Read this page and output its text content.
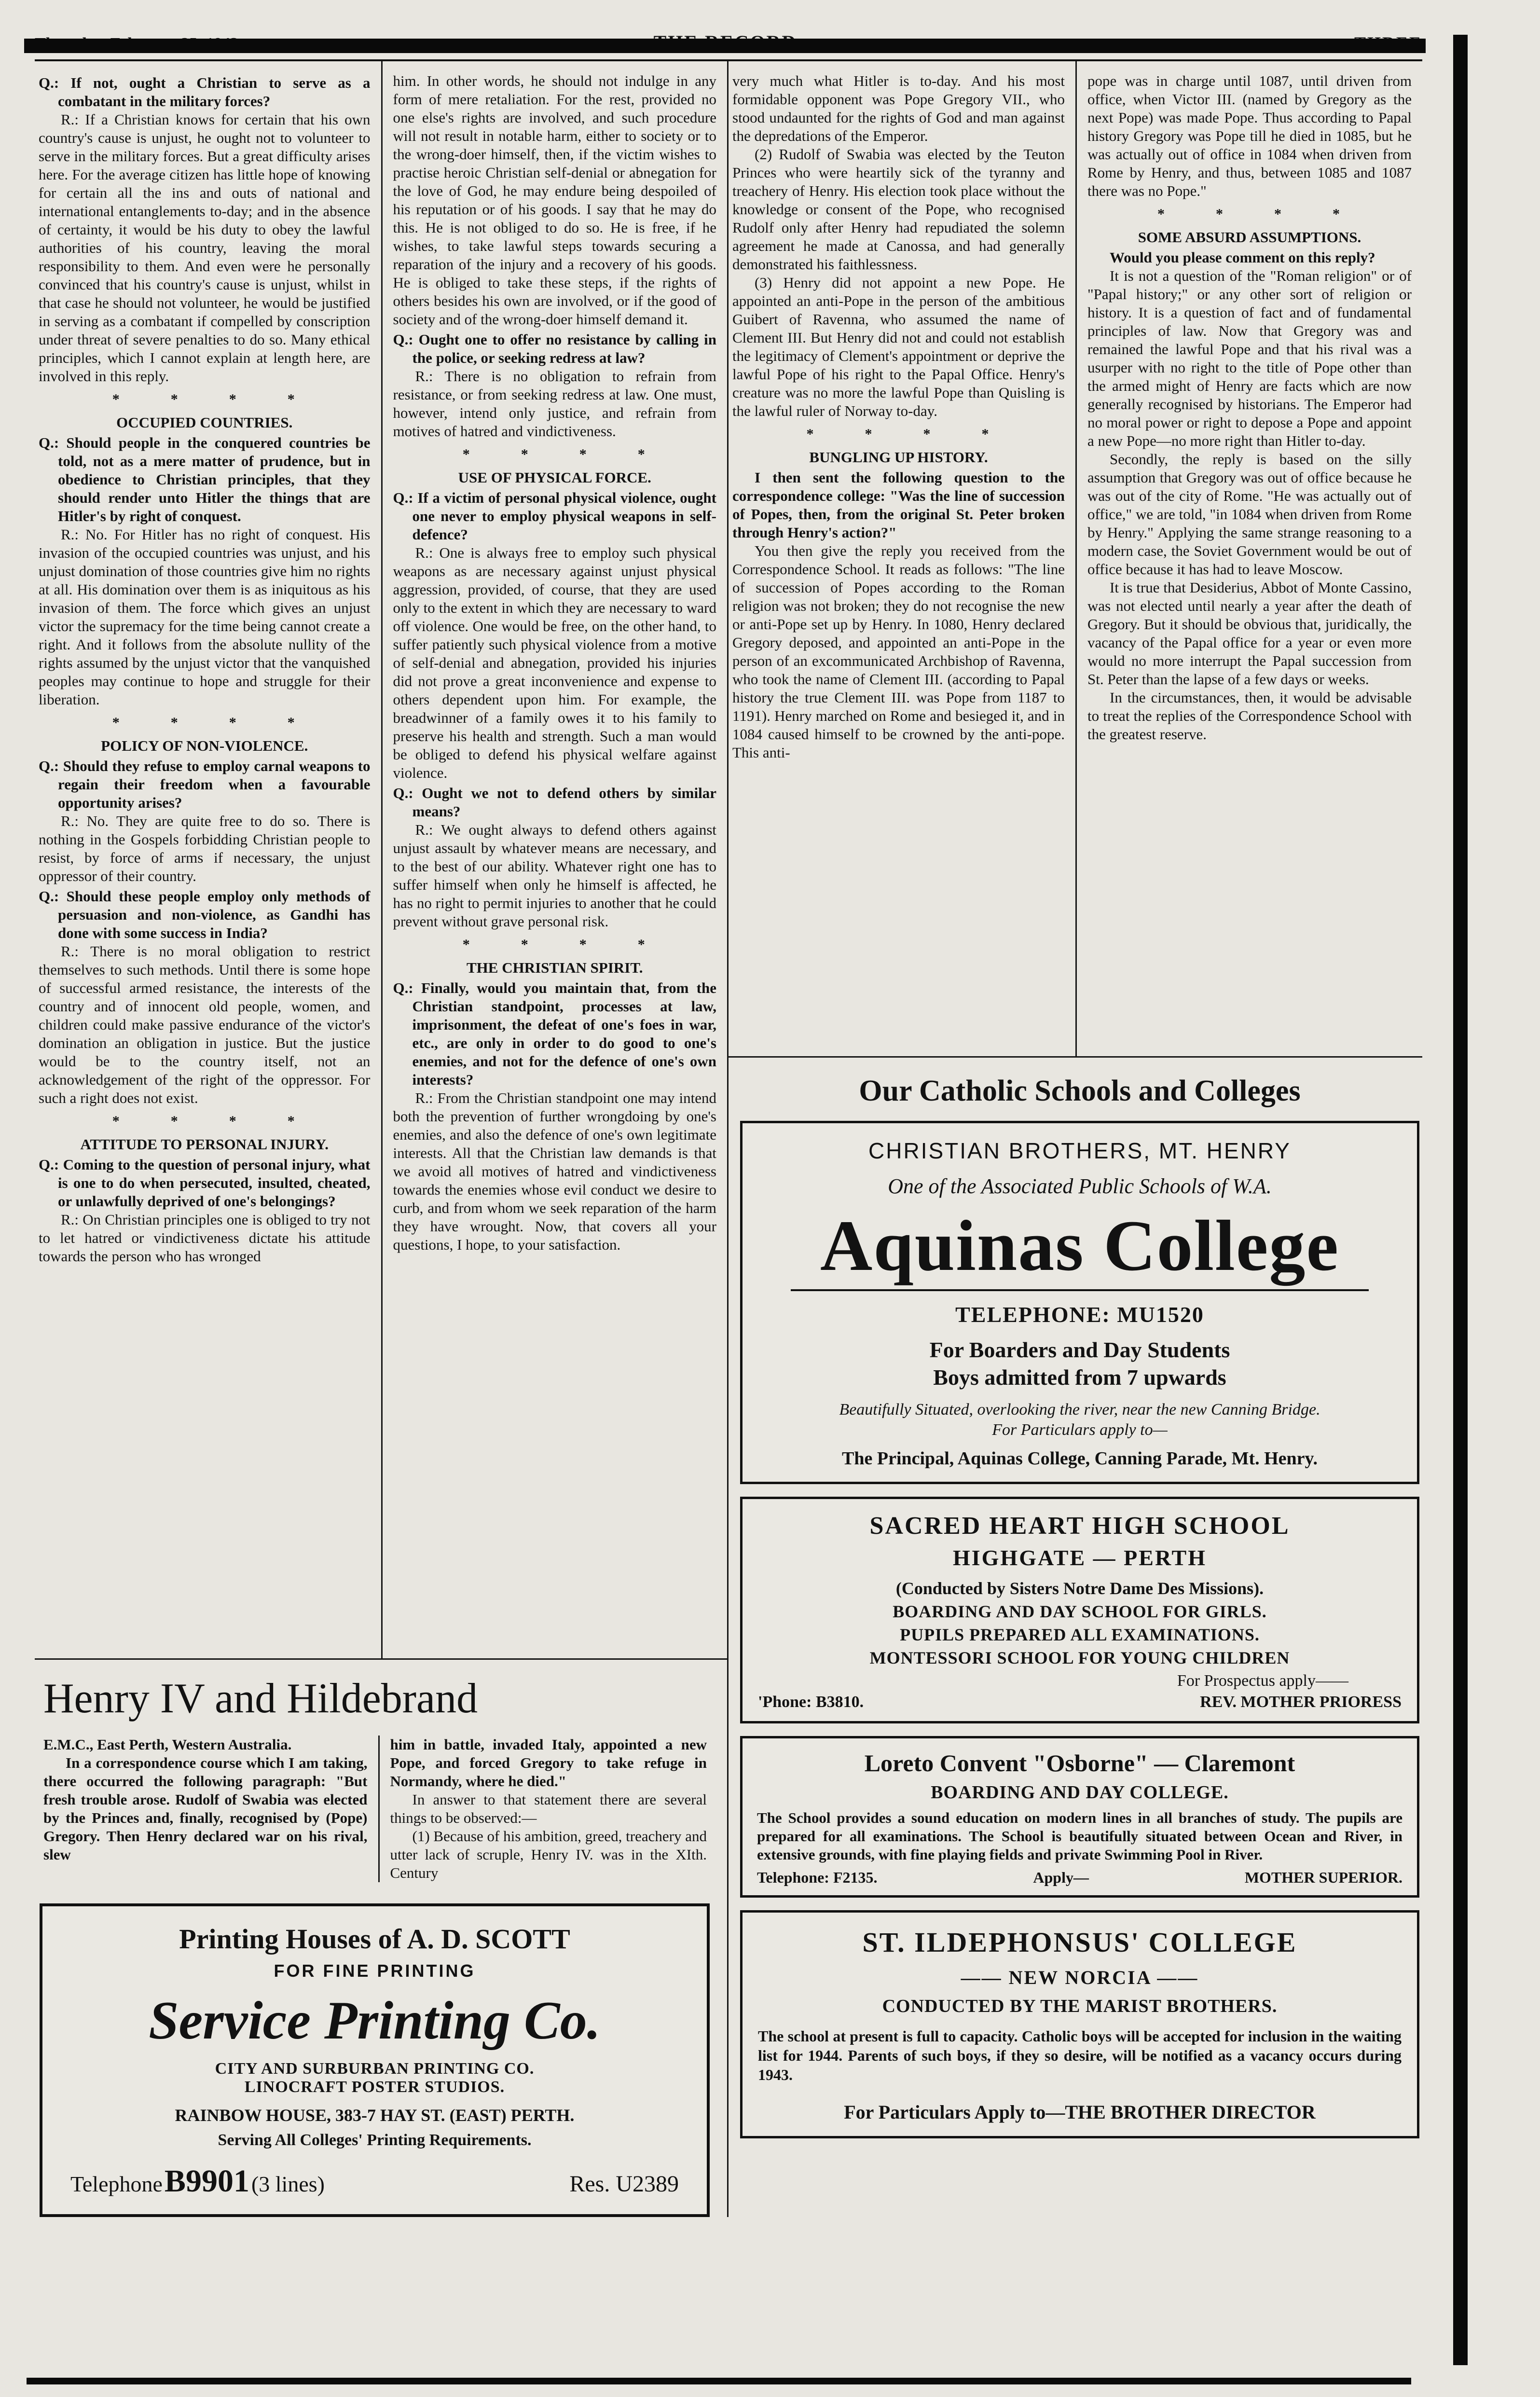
Q.: If not, ought a Christian to serve as a combatant in the military forces?

R.: If a Christian knows for certain that his own country's cause is unjust, he ought not to volunteer to serve in the military forces. But a great difficulty arises here. For the average citizen has little hope of knowing for certain all the ins and outs of national and international entanglements to-day; and in the absence of certainty, it would be his duty to obey the lawful authorities of his country, leaving the moral responsibility to them. And even were he personally convinced that his country's cause is unjust, whilst in that case he should not volunteer, he would be justified in serving as a combatant if compelled by conscription under threat of severe penalties to do so. Many ethical principles, which I cannot explain at length here, are involved in this reply.

*   *   *   *

OCCUPIED COUNTRIES.

Q.: Should people in the conquered countries be told, not as a mere matter of prudence, but in obedience to Christian principles, that they should render unto Hitler the things that are Hitler's by right of conquest.

R.: No. For Hitler has no right of conquest. His invasion of the occupied countries was unjust, and his unjust domination of those countries give him no rights at all. His domination over them is as iniquitous as his invasion of them. The force which gives an unjust victor the supremacy for the time being cannot create a right. And it follows from the absolute nullity of the rights assumed by the unjust victor that the vanquished peoples may continue to hope and struggle for their liberation.

*   *   *   *

POLICY OF NON-VIOLENCE.

Q.: Should they refuse to employ carnal weapons to regain their freedom when a favourable opportunity arises?

R.: No. They are quite free to do so. There is nothing in the Gospels forbidding Christian people to resist, by force of arms if necessary, the unjust oppressor of their country.

Q.: Should these people employ only methods of persuasion and non-violence, as Gandhi has done with some success in India?

R.: There is no moral obligation to restrict themselves to such methods. Until there is some hope of successful armed resistance, the interests of the country and of innocent old people, women, and children could make passive endurance of the victor's domination an obligation in justice. But the justice would be to the country itself, not an acknowledgement of the right of the oppressor. For such a right does not exist.

*   *   *   *

ATTITUDE TO PERSONAL INJURY.

Q.: Coming to the question of personal injury, what is one to do when persecuted, insulted, cheated, or unlawfully deprived of one's belongings?

R.: On Christian principles one is obliged to try not to let hatred or vindictiveness dictate his attitude towards the person who has wronged

him. In other words, he should not indulge in any form of mere retaliation. For the rest, provided no one else's rights are involved, and such procedure will not result in notable harm, either to society or to the wrong-doer himself, then, if the victim wishes to practise heroic Christian self-denial or abnegation for the love of God, he may endure being despoiled of his reputation or of his goods. I say that he may do this. He is not obliged to do so. He is free, if he wishes, to take lawful steps towards securing a reparation of the injury and a recovery of his goods. He is obliged to take these steps, if the rights of others besides his own are involved, or if the good of society and of the wrong-doer himself demand it.

Q.: Ought one to offer no resistance by calling in the police, or seeking redress at law?

R.: There is no obligation to refrain from resistance, or from seeking redress at law. One must, however, intend only justice, and refrain from motives of hatred and vindictiveness.

*   *   *   *

USE OF PHYSICAL FORCE.

Q.: If a victim of personal physical violence, ought one never to employ physical weapons in self-defence?

R.: One is always free to employ such physical weapons as are necessary against unjust physical aggression, provided, of course, that they are used only to the extent in which they are necessary to ward off violence. One would be free, on the other hand, to suffer patiently such physical violence from a motive of self-denial and abnegation, provided his injuries did not prove a great inconvenience and expense to others dependent upon him. For example, the breadwinner of a family owes it to his family to preserve his health and strength. Such a man would be obliged to defend his physical welfare against violence.

Q.: Ought we not to defend others by similar means?

R.: We ought always to defend others against unjust assault by whatever means are necessary, and to the best of our ability. Whatever right one has to suffer himself when only he himself is affected, he has no right to permit injuries to another that he could prevent without grave personal risk.

*   *   *   *

THE CHRISTIAN SPIRIT.

Q.: Finally, would you maintain that, from the Christian standpoint, processes at law, imprisonment, the defeat of one's foes in war, etc., are only in order to do good to one's enemies, and not for the defence of one's own interests?

R.: From the Christian standpoint one may intend both the prevention of further wrongdoing by one's enemies, and also the defence of one's own legitimate interests. All that the Christian law demands is that we avoid all motives of hatred and vindictiveness towards the enemies whose evil conduct we desire to curb, and from whom we seek reparation of the harm they have wrought. Now, that covers all your questions, I hope, to your satisfaction.

Henry IV and Hildebrand

E.M.C., East Perth, Western Australia.

In a correspondence course which I am taking, there occurred the following paragraph: "But fresh trouble arose. Rudolf of Swabia was elected by the Princes and, finally, recognised by (Pope) Gregory. Then Henry declared war on his rival, slew

him in battle, invaded Italy, appointed a new Pope, and forced Gregory to take refuge in Normandy, where he died."

In answer to that statement there are several things to be observed:—

(1) Because of his ambition, greed, treachery and utter lack of scruple, Henry IV. was in the XIth. Century

Printing Houses of A. D. SCOTT
FOR FINE PRINTING
Service Printing Co.
CITY AND SURBURBAN PRINTING CO.
LINOCRAFT POSTER STUDIOS.
RAINBOW HOUSE, 383-7 HAY ST. (EAST) PERTH.
Serving All Colleges' Printing Requirements.
Telephone B9901 (3 lines)	Res. U2389

very much what Hitler is to-day. And his most formidable opponent was Pope Gregory VII., who stood undaunted for the rights of God and man against the depredations of the Emperor.

(2) Rudolf of Swabia was elected by the Teuton Princes who were heartily sick of the tyranny and treachery of Henry. His election took place without the knowledge or consent of the Pope, who recognised Rudolf only after Henry had repudiated the solemn agreement he made at Canossa, and had generally demonstrated his faithlessness.

(3) Henry did not appoint a new Pope. He appointed an anti-Pope in the person of the ambitious Guibert of Ravenna, who assumed the name of Clement III. But Henry did not and could not establish the legitimacy of Clement's appointment or deprive the lawful Pope of his right to the Papal Office. Henry's creature was no more the lawful Pope than Quisling is the lawful ruler of Norway to-day.

*   *   *   *

BUNGLING UP HISTORY.

I then sent the following question to the correspondence college: "Was the line of succession of Popes, then, from the original St. Peter broken through Henry's action?"

You then give the reply you received from the Correspondence School. It reads as follows: "The line of succession of Popes according to the Roman religion was not broken; they do not recognise the new or anti-Pope set up by Henry. In 1080, Henry declared Gregory deposed, and appointed an anti-Pope in the person of an excommunicated Archbishop of Ravenna, who took the name of Clement III. (according to Papal history the true Clement III. was Pope from 1187 to 1191). Henry marched on Rome and besieged it, and in 1084 caused himself to be crowned by the anti-pope. This anti-

pope was in charge until 1087, until driven from office, when Victor III. (named by Gregory as the next Pope) was made Pope. Thus according to Papal history Gregory was Pope till he died in 1085, but he was actually out of office in 1084 when driven from Rome by Henry, and thus, between 1085 and 1087 there was no Pope."

*   *   *   *

SOME ABSURD ASSUMPTIONS.

Would you please comment on this reply?

It is not a question of the "Roman religion" or of "Papal history;" or any other sort of religion or history. It is a question of fact and of fundamental principles of law. Now that Gregory was and remained the lawful Pope and that his rival was a usurper with no right to the title of Pope other than the armed might of Henry are facts which are now generally recognised by historians. The Emperor had no moral power or right to depose a Pope and appoint a new Pope—no more right than Hitler to-day.

Secondly, the reply is based on the silly assumption that Gregory was out of office because he was out of the city of Rome. "He was actually out of office," we are told, "in 1084 when driven from Rome by Henry." Applying the same strange reasoning to a modern case, the Soviet Government would be out of office because it has had to leave Moscow.

It is true that Desiderius, Abbot of Monte Cassino, was not elected until nearly a year after the death of Gregory. But it should be obvious that, juridically, the vacancy of the Papal office for a year or even more would no more interrupt the Papal succession from St. Peter than the lapse of a few days or weeks.

In the circumstances, then, it would be advisable to treat the replies of the Correspondence School with the greatest reserve.

Our Catholic Schools and Colleges
CHRISTIAN BROTHERS, MT. HENRY
One of the Associated Public Schools of W.A.
Aquinas College
TELEPHONE: MU1520
For Boarders and Day Students
Boys admitted from 7 upwards
Beautifully Situated, overlooking the river, near the new Canning Bridge.
For Particulars apply to—
The Principal, Aquinas College, Canning Parade, Mt. Henry.
SACRED HEART HIGH SCHOOL
HIGHGATE — PERTH
(Conducted by Sisters Notre Dame Des Missions).
BOARDING AND DAY SCHOOL FOR GIRLS.
PUPILS PREPARED ALL EXAMINATIONS.
MONTESSORI SCHOOL FOR YOUNG CHILDREN
For Prospectus apply——
'Phone: B3810.	REV. MOTHER PRIORESS
Loreto Convent "Osborne" — Claremont
BOARDING AND DAY COLLEGE.
The School provides a sound education on modern lines in all branches of study. The pupils are prepared for all examinations. The School is beautifully situated between Ocean and River, in extensive grounds, with fine playing fields and private Swimming Pool in River.
Telephone: F2135.	Apply—	MOTHER SUPERIOR.
ST. ILDEPHONSUS' COLLEGE
—— NEW NORCIA ——
CONDUCTED BY THE MARIST BROTHERS.
The school at present is full to capacity. Catholic boys will be accepted for inclusion in the waiting list for 1944. Parents of such boys, if they so desire, will be notified as a vacancy occurs during 1943.
For Particulars Apply to—THE BROTHER DIRECTOR
